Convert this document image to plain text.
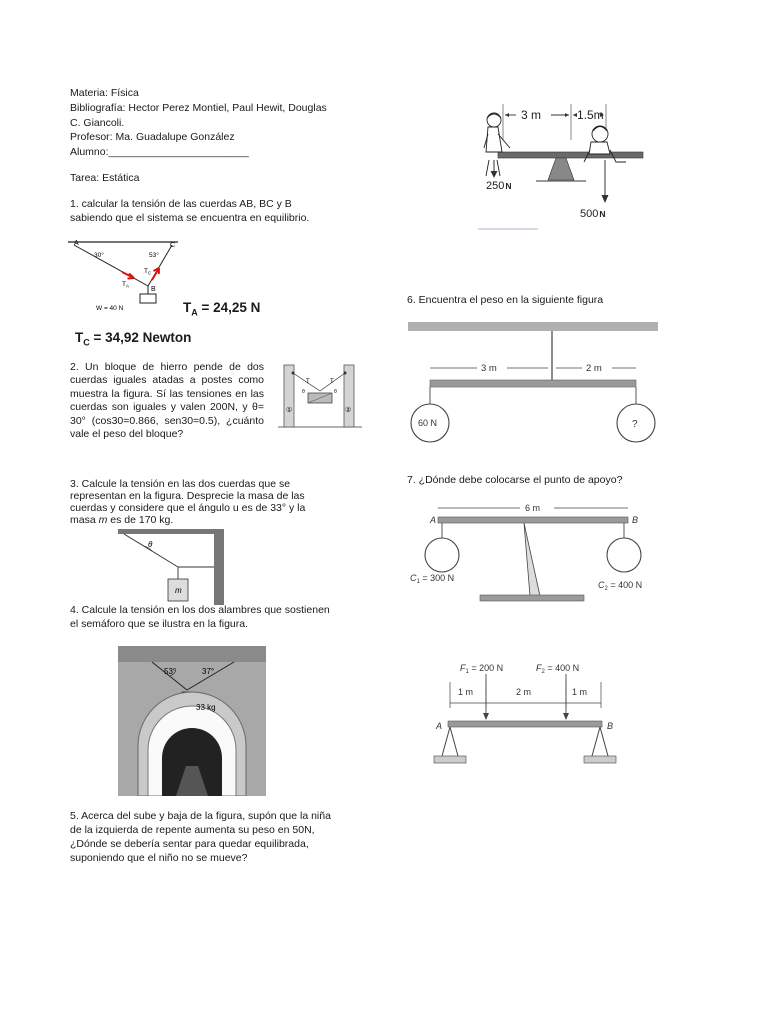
Materia: Física
Bibliografía: Hector Perez Montiel, Paul Hewit, Douglas
C. Giancoli.
Profesor: Ma. Guadalupe González
Alumno:________________________
Tarea: Estática
1. calcular la tensión de las cuerdas AB, BC y B
sabiendo que el sistema se encuentra en equilibrio.
A	C
B
30°	53°
$T_C$
$T_A$
W = 40 N	$T_A = 24,25$ N
$T_C = 34,92$ Newton
2. Un bloque de hierro pende de dos cuerdas iguales atadas a postes como muestra la figura. Sí las tensiones en las cuerdas son iguales y valen 200N, y θ= 30° (cos30=0.866, sen30=0.5), ¿cuánto vale el peso del bloque?
T	T
θ	θ
①	②
3. Calcule la tensión en las dos cuerdas que se
representan en la figura. Desprecie la masa de las
cuerdas y considere que el ángulo u es de 33° y la
masa m es de 170 kg.
θ
m
4. Calcule la tensión en los dos alambres que sostienen
el semáforo que se ilustra en la figura.
53°	37°
33 kg
5. Acerca del sube y baja de la figura, supón que la niña
de la izquierda de repente aumenta su peso en 50N,
¿Dónde se debería sentar para quedar equilibrada,
suponiendo que el niño no se mueve?
3 m	1.5m
250N
500N
6. Encuentra el peso en la siguiente figura
3 m	2 m
60 N	?
7. ¿Dónde debe colocarse el punto de apoyo?
6 m
A	B
$C_1 = 300$ N
$C_2 = 400$ N
$F_1 = 200$ N	$F_2 = 400$ N
1 m	2 m	1 m
A	B
